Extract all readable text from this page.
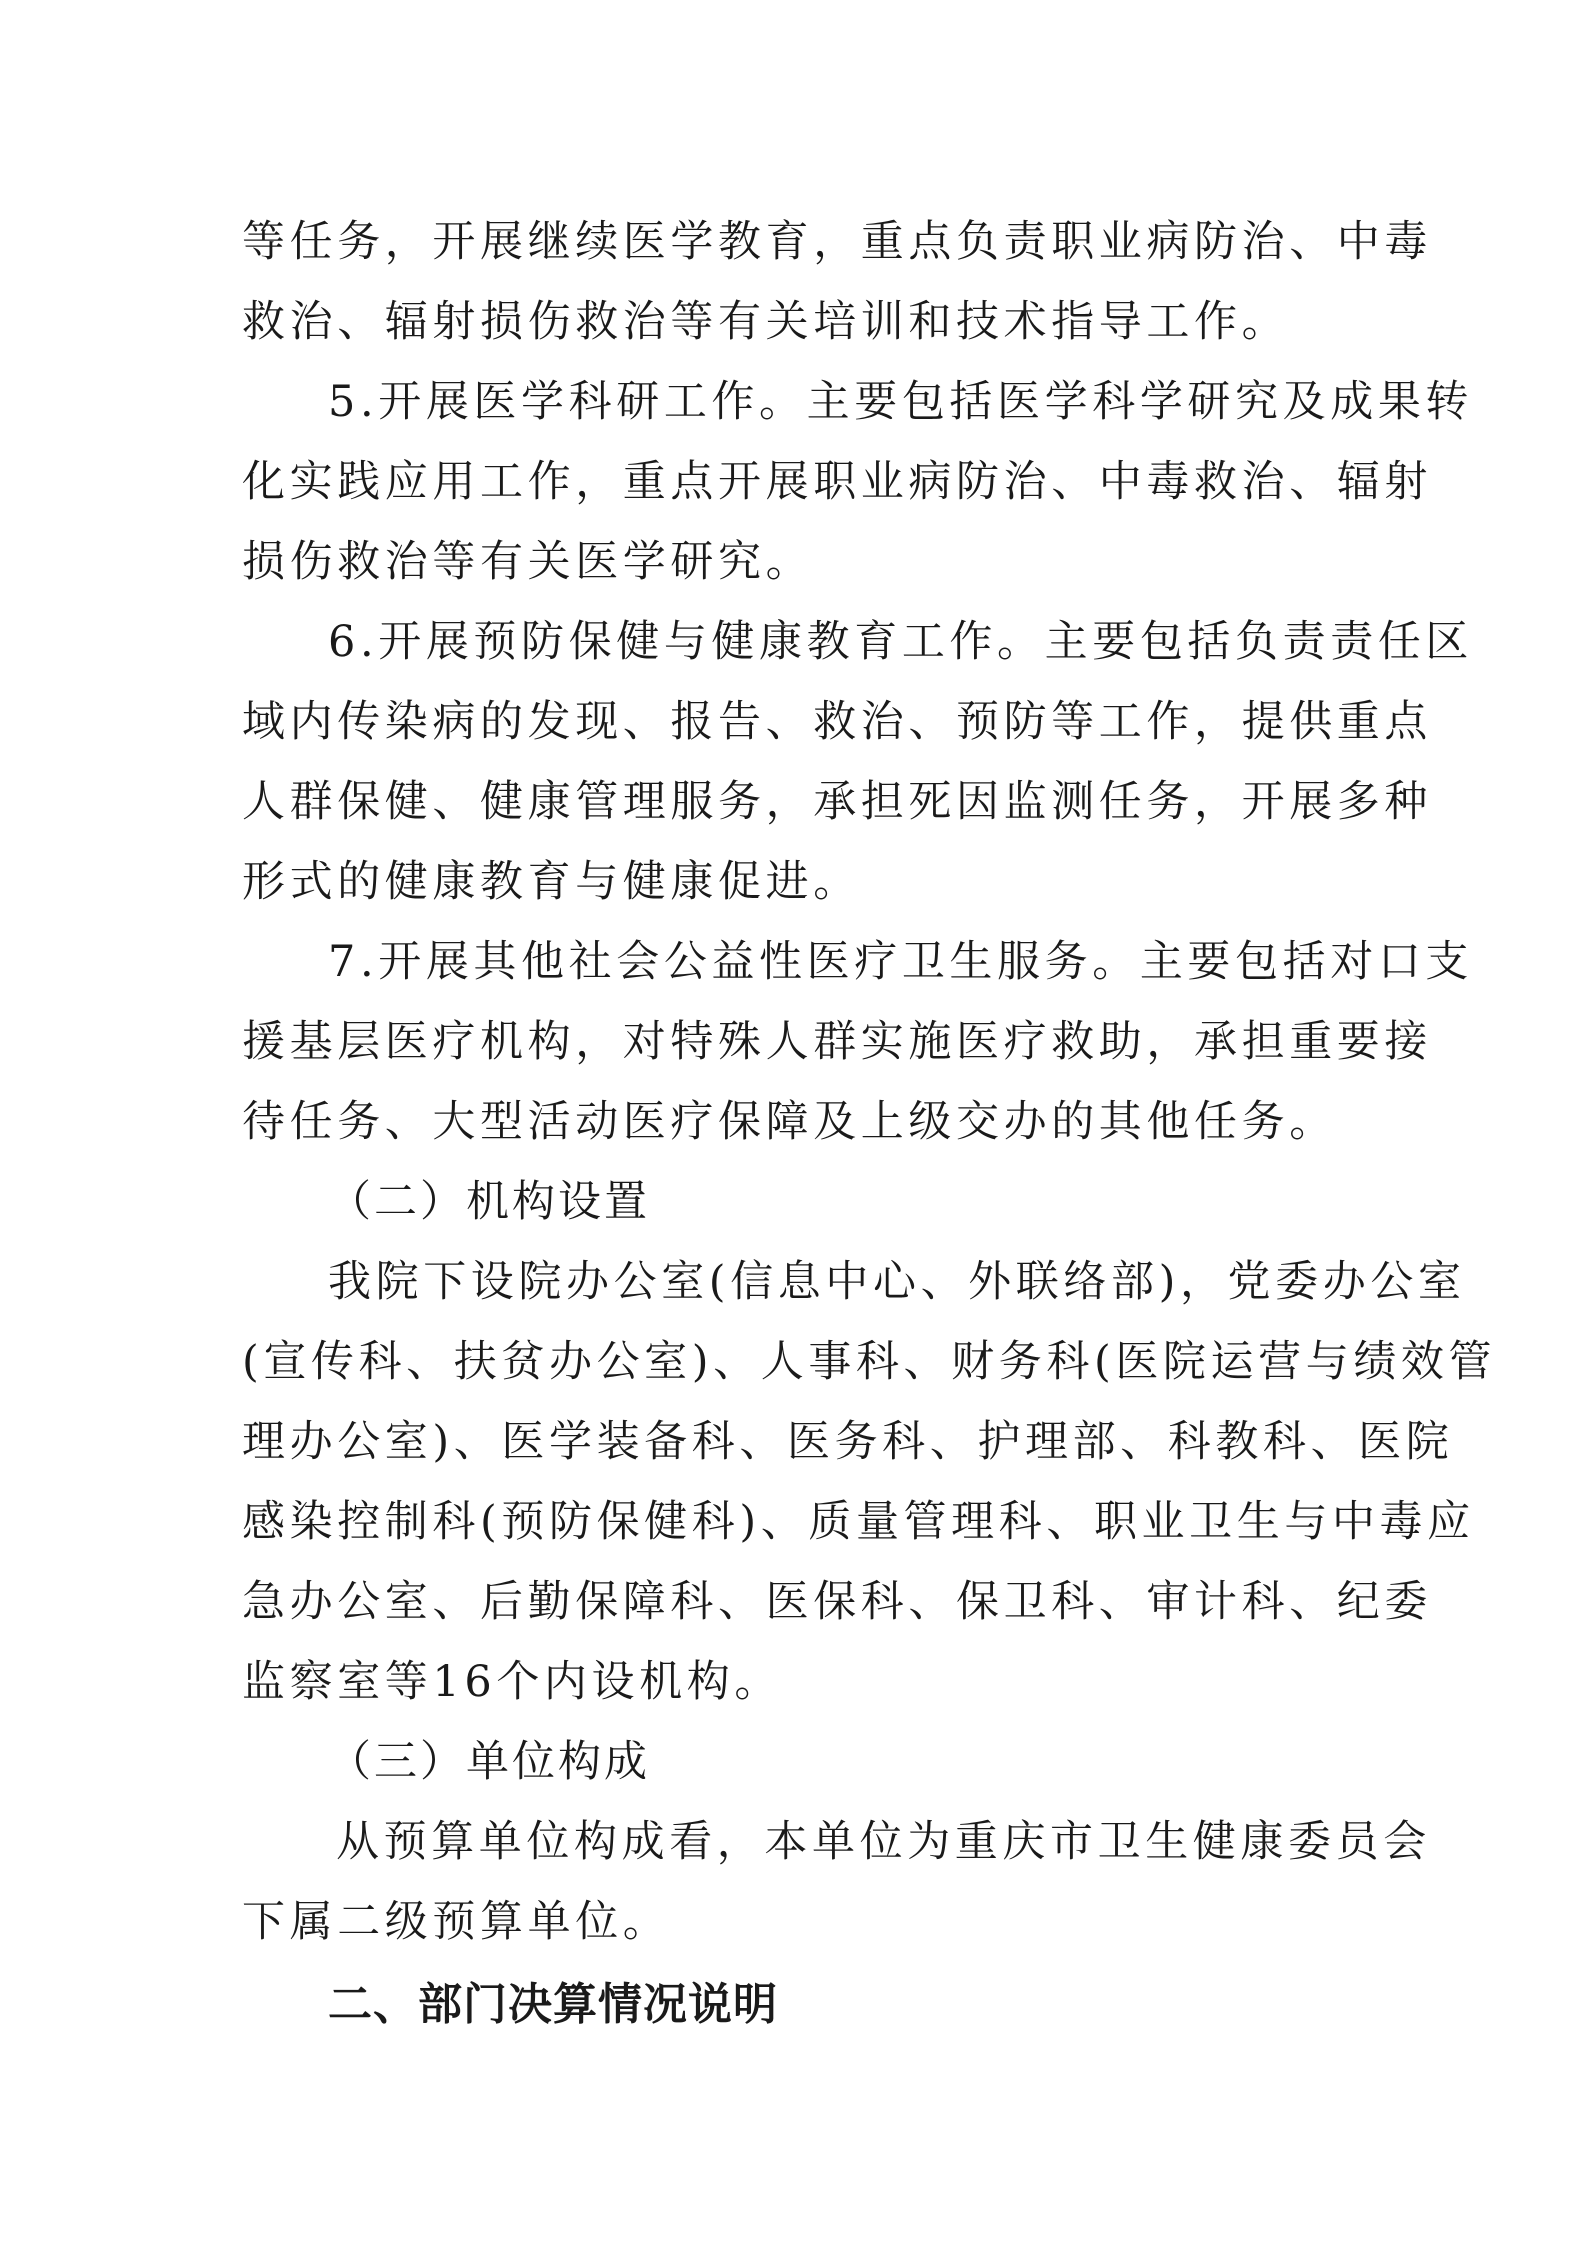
等任务，开展继续医学教育，重点负责职业病防治、中毒
救治、辐射损伤救治等有关培训和技术指导工作。
5.开展医学科研工作。主要包括医学科学研究及成果转
化实践应用工作，重点开展职业病防治、中毒救治、辐射
损伤救治等有关医学研究。
6.开展预防保健与健康教育工作。主要包括负责责任区
域内传染病的发现、报告、救治、预防等工作，提供重点
人群保健、健康管理服务，承担死因监测任务，开展多种
形式的健康教育与健康促进。
7.开展其他社会公益性医疗卫生服务。主要包括对口支
援基层医疗机构，对特殊人群实施医疗救助，承担重要接
待任务、大型活动医疗保障及上级交办的其他任务。
（二）机构设置
我院下设院办公室(信息中心、外联络部)，党委办公室
(宣传科、扶贫办公室)、人事科、财务科(医院运营与绩效管
理办公室)、医学装备科、医务科、护理部、科教科、医院
感染控制科(预防保健科)、质量管理科、职业卫生与中毒应
急办公室、后勤保障科、医保科、保卫科、审计科、纪委
监察室等16个内设机构。
（三）单位构成
从预算单位构成看，本单位为重庆市卫生健康委员会
下属二级预算单位。
二、部门决算情况说明
